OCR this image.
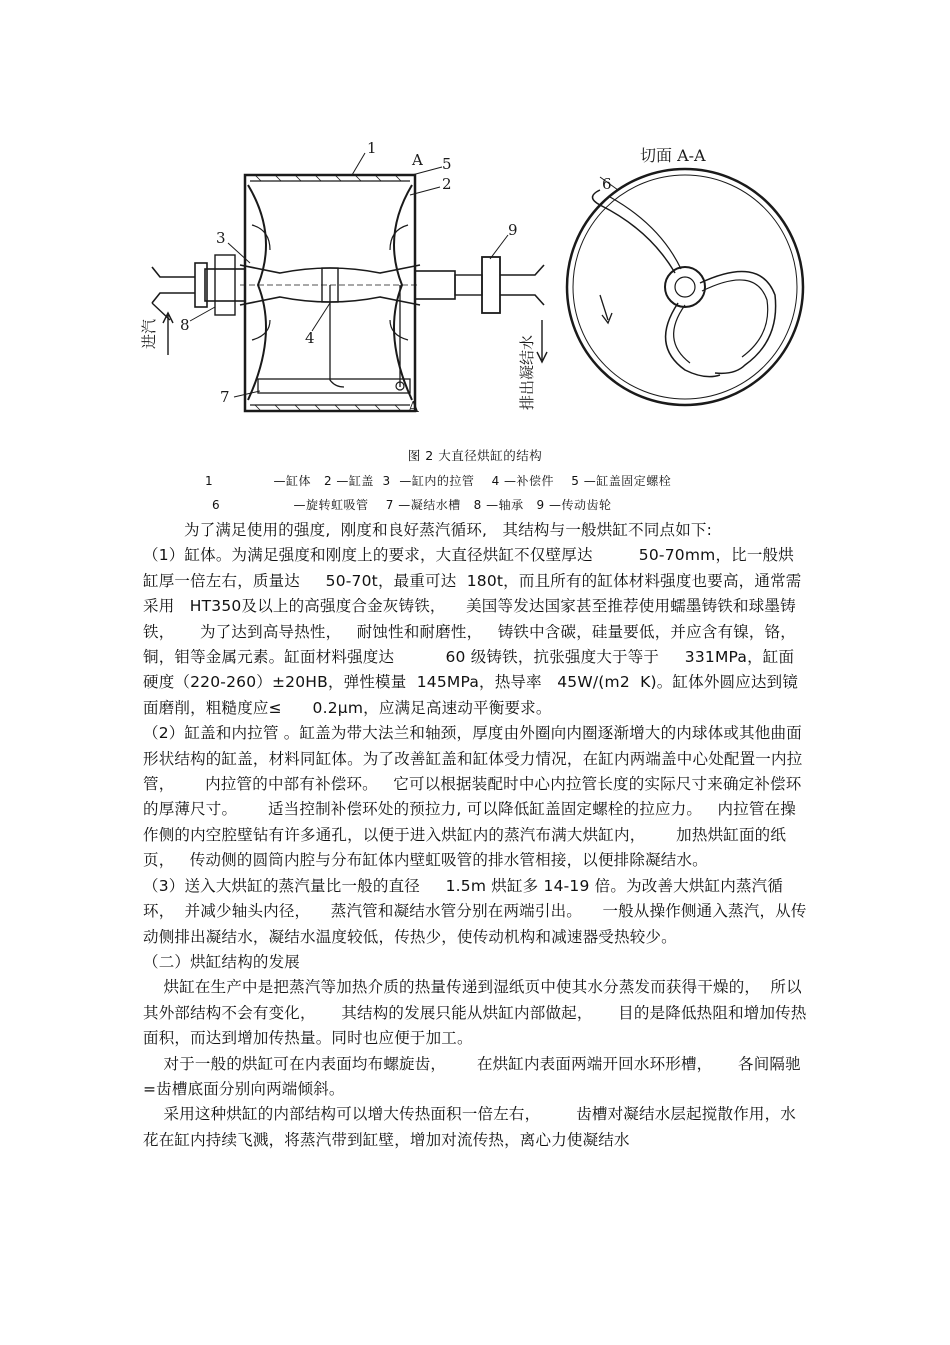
1
A 5
2
3	9
8
4
7
A
6
切面 A-A
进汽
排出凝结水
图 2 大直径烘缸的结构
1              —缸体   2 —缸盖  3  —缸内的拉管    4 —补偿件    5 —缸盖固定螺栓
6                 —旋转虹吸管    7 —凝结水槽   8 —轴承   9 —传动齿轮

为了满足使用的强度,  刚度和良好蒸汽循环,   其结构与一般烘缸不同点如下:

（1）缸体。为满足强度和刚度上的要求，大直径烘缸不仅壁厚达         50-70mm，比一般烘缸厚一倍左右，质量达     50-70t，最重可达  180t，而且所有的缸体材料强度也要高，通常需采用   HT350及以上的高强度合金灰铸铁，    美国等发达国家甚至推荐使用蠕墨铸铁和球墨铸铁，     为了达到高导热性，   耐蚀性和耐磨性，   铸铁中含碳，硅量要低，并应含有镍，铬，铜，钼等金属元素。缸面材料强度达          60 级铸铁，抗张强度大于等于     331MPa，缸面硬度（220-260）±20HB，弹性模量  145MPa，热导率   45W/(m2  K)。缸体外圆应达到镜面磨削，粗糙度应≤      0.2μm，应满足高速动平衡要求。

（2）缸盖和内拉管 。缸盖为带大法兰和轴颈，厚度由外圈向内圈逐渐增大的内球体或其他曲面形状结构的缸盖，材料同缸体。为了改善缸盖和缸体受力情况，在缸内两端盖中心处配置一内拉管，      内拉管的中部有补偿环。   它可以根据装配时中心内拉管长度的实际尺寸来确定补偿环的厚薄尺寸。      适当控制补偿环处的预拉力, 可以降低缸盖固定螺栓的拉应力。   内拉管在操作侧的内空腔壁钻有许多通孔，以便于进入烘缸内的蒸汽布满大烘缸内，      加热烘缸面的纸页，   传动侧的圆筒内腔与分布缸体内壁虹吸管的排水管相接，以便排除凝结水。

（3）送入大烘缸的蒸汽量比一般的直径     1.5m 烘缸多 14-19 倍。为改善大烘缸内蒸汽循环，  并减少轴头内径，    蒸汽管和凝结水管分别在两端引出。    一般从操作侧通入蒸汽，从传动侧排出凝结水，凝结水温度较低，传热少，使传动机构和减速器受热较少。

（二）烘缸结构的发展

烘缸在生产中是把蒸汽等加热介质的热量传递到湿纸页中使其水分蒸发而获得干燥的，  所以其外部结构不会有变化，     其结构的发展只能从烘缸内部做起，     目的是降低热阻和增加传热面积，而达到增加传热量。同时也应便于加工。

对于一般的烘缸可在内表面均布螺旋齿，      在烘缸内表面两端开回水环形槽，     各间隔驰 =齿槽底面分别向两端倾斜。

采用这种烘缸的内部结构可以增大传热面积一倍左右，       齿槽对凝结水层起搅散作用，水花在缸内持续飞溅，将蒸汽带到缸壁，增加对流传热，离心力使凝结水
